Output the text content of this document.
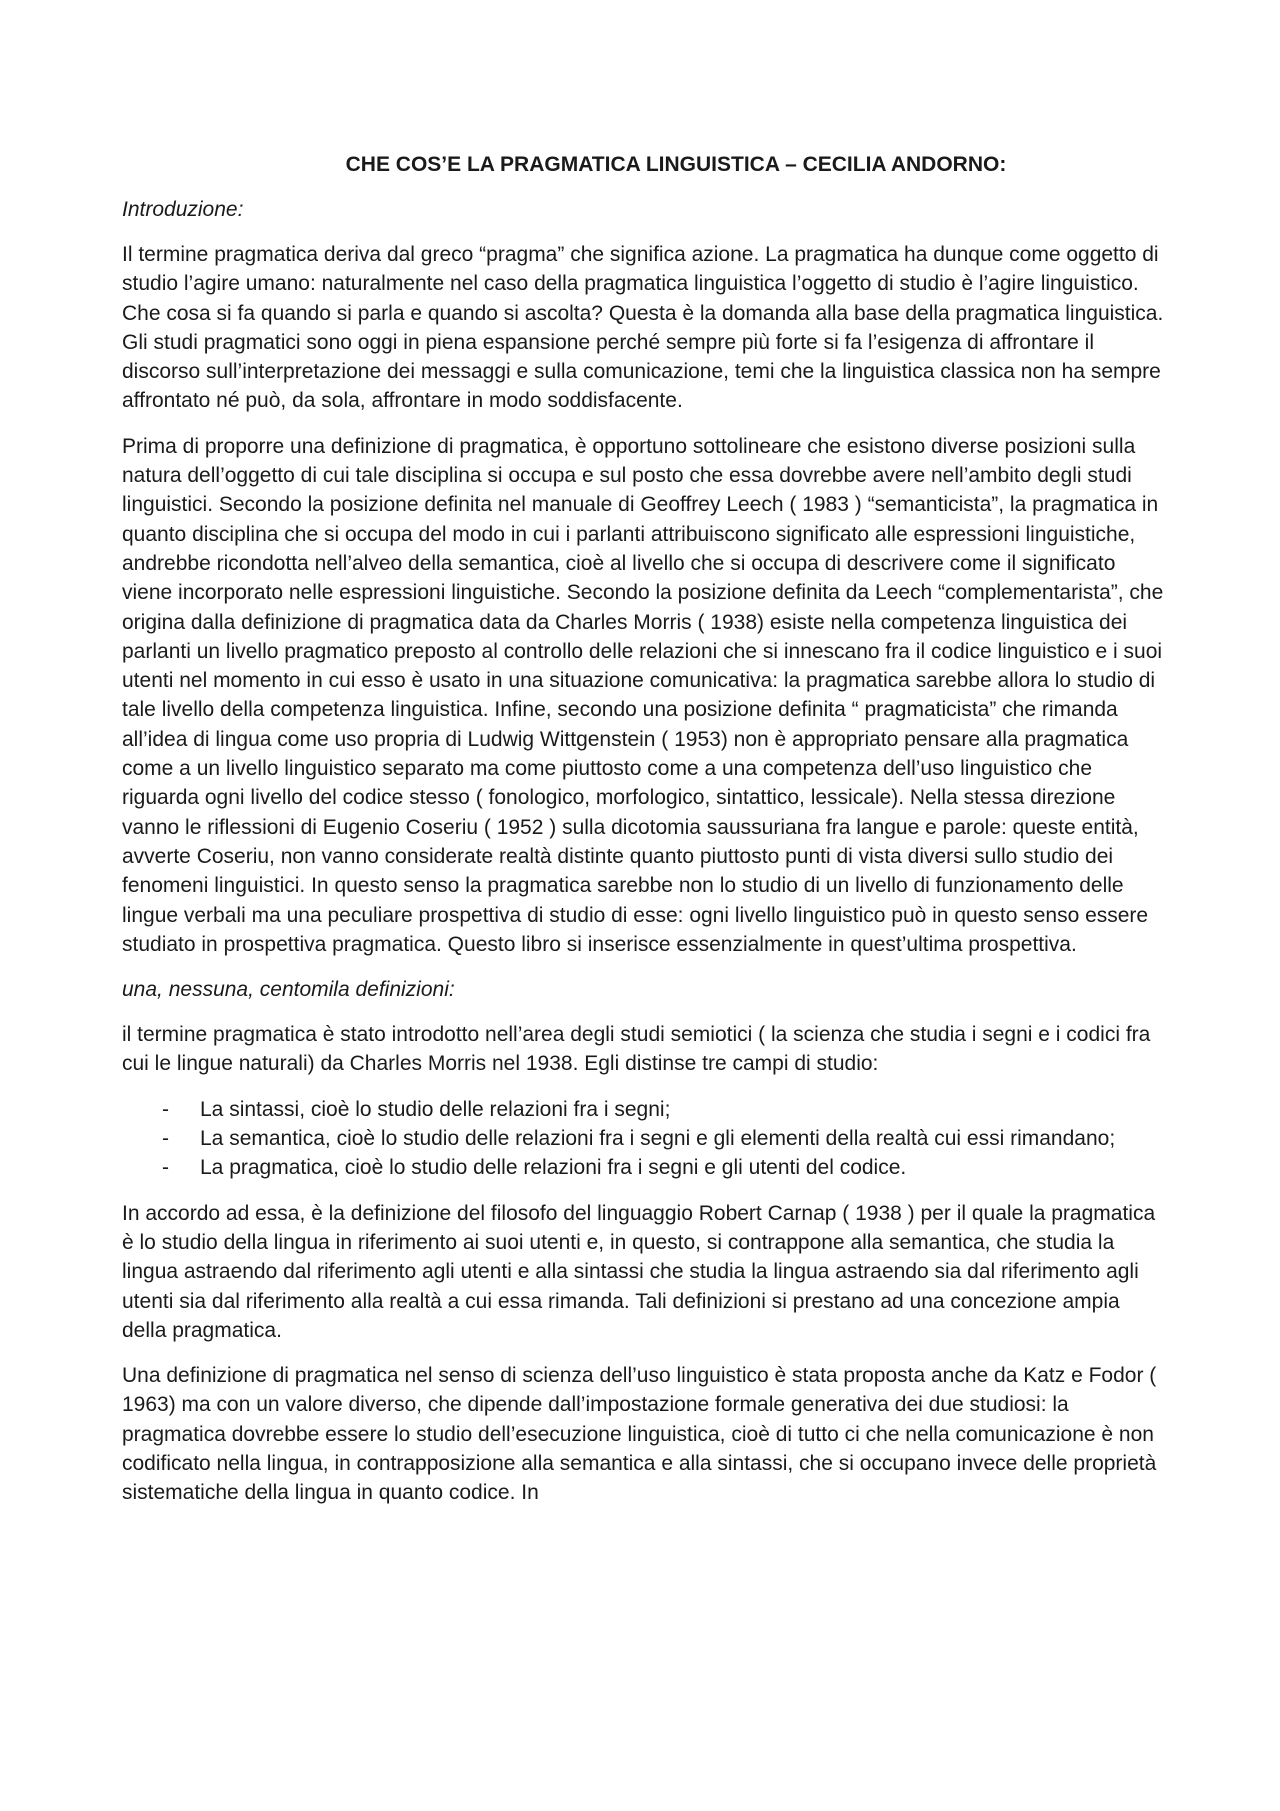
CHE COS’E LA PRAGMATICA LINGUISTICA – CECILIA ANDORNO:
Introduzione:

Il termine pragmatica deriva dal greco “pragma” che significa azione. La pragmatica ha dunque come oggetto di studio l’agire umano: naturalmente nel caso della pragmatica linguistica l’oggetto di studio è l’agire linguistico. Che cosa si fa quando si parla e quando si ascolta? Questa è la domanda alla base della pragmatica linguistica. Gli studi pragmatici sono oggi in piena espansione perché sempre più forte si fa l’esigenza di affrontare il discorso sull’interpretazione dei messaggi e sulla comunicazione, temi che la linguistica classica non ha sempre affrontato né può, da sola, affrontare in modo soddisfacente.

Prima di proporre una definizione di pragmatica, è opportuno sottolineare che esistono diverse posizioni sulla natura dell’oggetto di cui tale disciplina si occupa e sul posto che essa dovrebbe avere nell’ambito degli studi linguistici. Secondo la posizione definita nel manuale di Geoffrey Leech ( 1983 ) “semanticista”, la pragmatica in quanto disciplina che si occupa del modo in cui i parlanti attribuiscono significato alle espressioni linguistiche, andrebbe ricondotta nell’alveo della semantica, cioè al livello che si occupa di descrivere come il significato viene incorporato nelle espressioni linguistiche. Secondo la posizione definita da Leech “complementarista”, che origina dalla definizione di pragmatica data da Charles Morris ( 1938) esiste nella competenza linguistica dei parlanti un livello pragmatico preposto al controllo delle relazioni che si innescano fra il codice linguistico e i suoi utenti nel momento in cui esso è usato in una situazione comunicativa: la pragmatica sarebbe allora lo studio di tale livello della competenza linguistica. Infine, secondo una posizione definita “ pragmaticista” che rimanda all’idea di lingua come uso propria di Ludwig Wittgenstein ( 1953) non è appropriato pensare alla pragmatica come a un livello linguistico separato ma come piuttosto come a una competenza dell’uso linguistico che riguarda ogni livello del codice stesso ( fonologico, morfologico, sintattico, lessicale). Nella stessa direzione vanno le riflessioni di Eugenio Coseriu ( 1952 ) sulla dicotomia saussuriana fra langue e parole: queste entità, avverte Coseriu, non vanno considerate realtà distinte quanto piuttosto punti di vista diversi sullo studio dei fenomeni linguistici. In questo senso la pragmatica sarebbe non lo studio di un livello di funzionamento delle lingue verbali ma una peculiare prospettiva di studio di esse: ogni livello linguistico può in questo senso essere studiato in prospettiva pragmatica. Questo libro si inserisce essenzialmente in quest’ultima prospettiva.

una, nessuna, centomila definizioni:

il termine pragmatica è stato introdotto nell’area degli studi semiotici ( la scienza che studia i segni e i codici fra cui le lingue naturali) da Charles Morris nel 1938. Egli distinse tre campi di studio:

- La sintassi, cioè lo studio delle relazioni fra i segni;
- La semantica, cioè lo studio delle relazioni fra i segni e gli elementi della realtà cui essi rimandano;
- La pragmatica, cioè lo studio delle relazioni fra i segni e gli utenti del codice.

In accordo ad essa, è la definizione del filosofo del linguaggio Robert Carnap ( 1938 ) per il quale la pragmatica è lo studio della lingua in riferimento ai suoi utenti e, in questo, si contrappone alla semantica, che studia la lingua astraendo dal riferimento agli utenti e alla sintassi che studia la lingua astraendo sia dal riferimento agli utenti sia dal riferimento alla realtà a cui essa rimanda. Tali definizioni si prestano ad una concezione ampia della pragmatica.

Una definizione di pragmatica nel senso di scienza dell’uso linguistico è stata proposta anche da Katz e Fodor ( 1963) ma con un valore diverso, che dipende dall’impostazione formale generativa dei due studiosi: la pragmatica dovrebbe essere lo studio dell’esecuzione linguistica, cioè di tutto ci che nella comunicazione è non codificato nella lingua, in contrapposizione alla semantica e alla sintassi, che si occupano invece delle proprietà sistematiche della lingua in quanto codice. In
